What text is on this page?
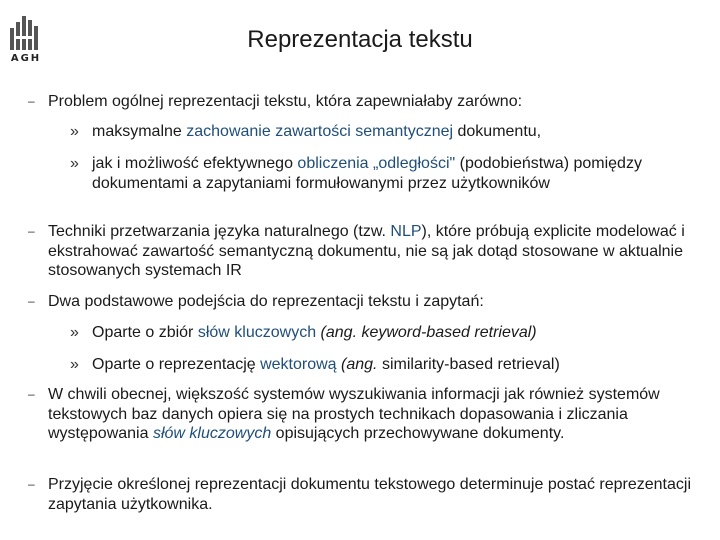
AGH
Reprezentacja tekstu
– Problem ogólnej reprezentacji tekstu, która zapewniałaby zarówno:
» maksymalne zachowanie zawartości semantycznej dokumentu,
» jak i możliwość efektywnego obliczenia „odległości" (podobieństwa) pomiędzy dokumentami a zapytaniami formułowanymi przez użytkowników
– Techniki przetwarzania języka naturalnego (tzw. NLP), które próbują explicite modelować i ekstrahować zawartość semantyczną dokumentu, nie są jak dotąd stosowane w aktualnie stosowanych systemach IR
– Dwa podstawowe podejścia do reprezentacji tekstu i zapytań:
» Oparte o zbiór słów kluczowych (ang. keyword-based retrieval)
» Oparte o reprezentację wektorową (ang. similarity-based retrieval)
– W chwili obecnej, większość systemów wyszukiwania informacji jak również systemów tekstowych baz danych opiera się na prostych technikach dopasowania i zliczania występowania słów kluczowych opisujących przechowywane dokumenty.
– Przyjęcie określonej reprezentacji dokumentu tekstowego determinuje postać reprezentacji zapytania użytkownika.
